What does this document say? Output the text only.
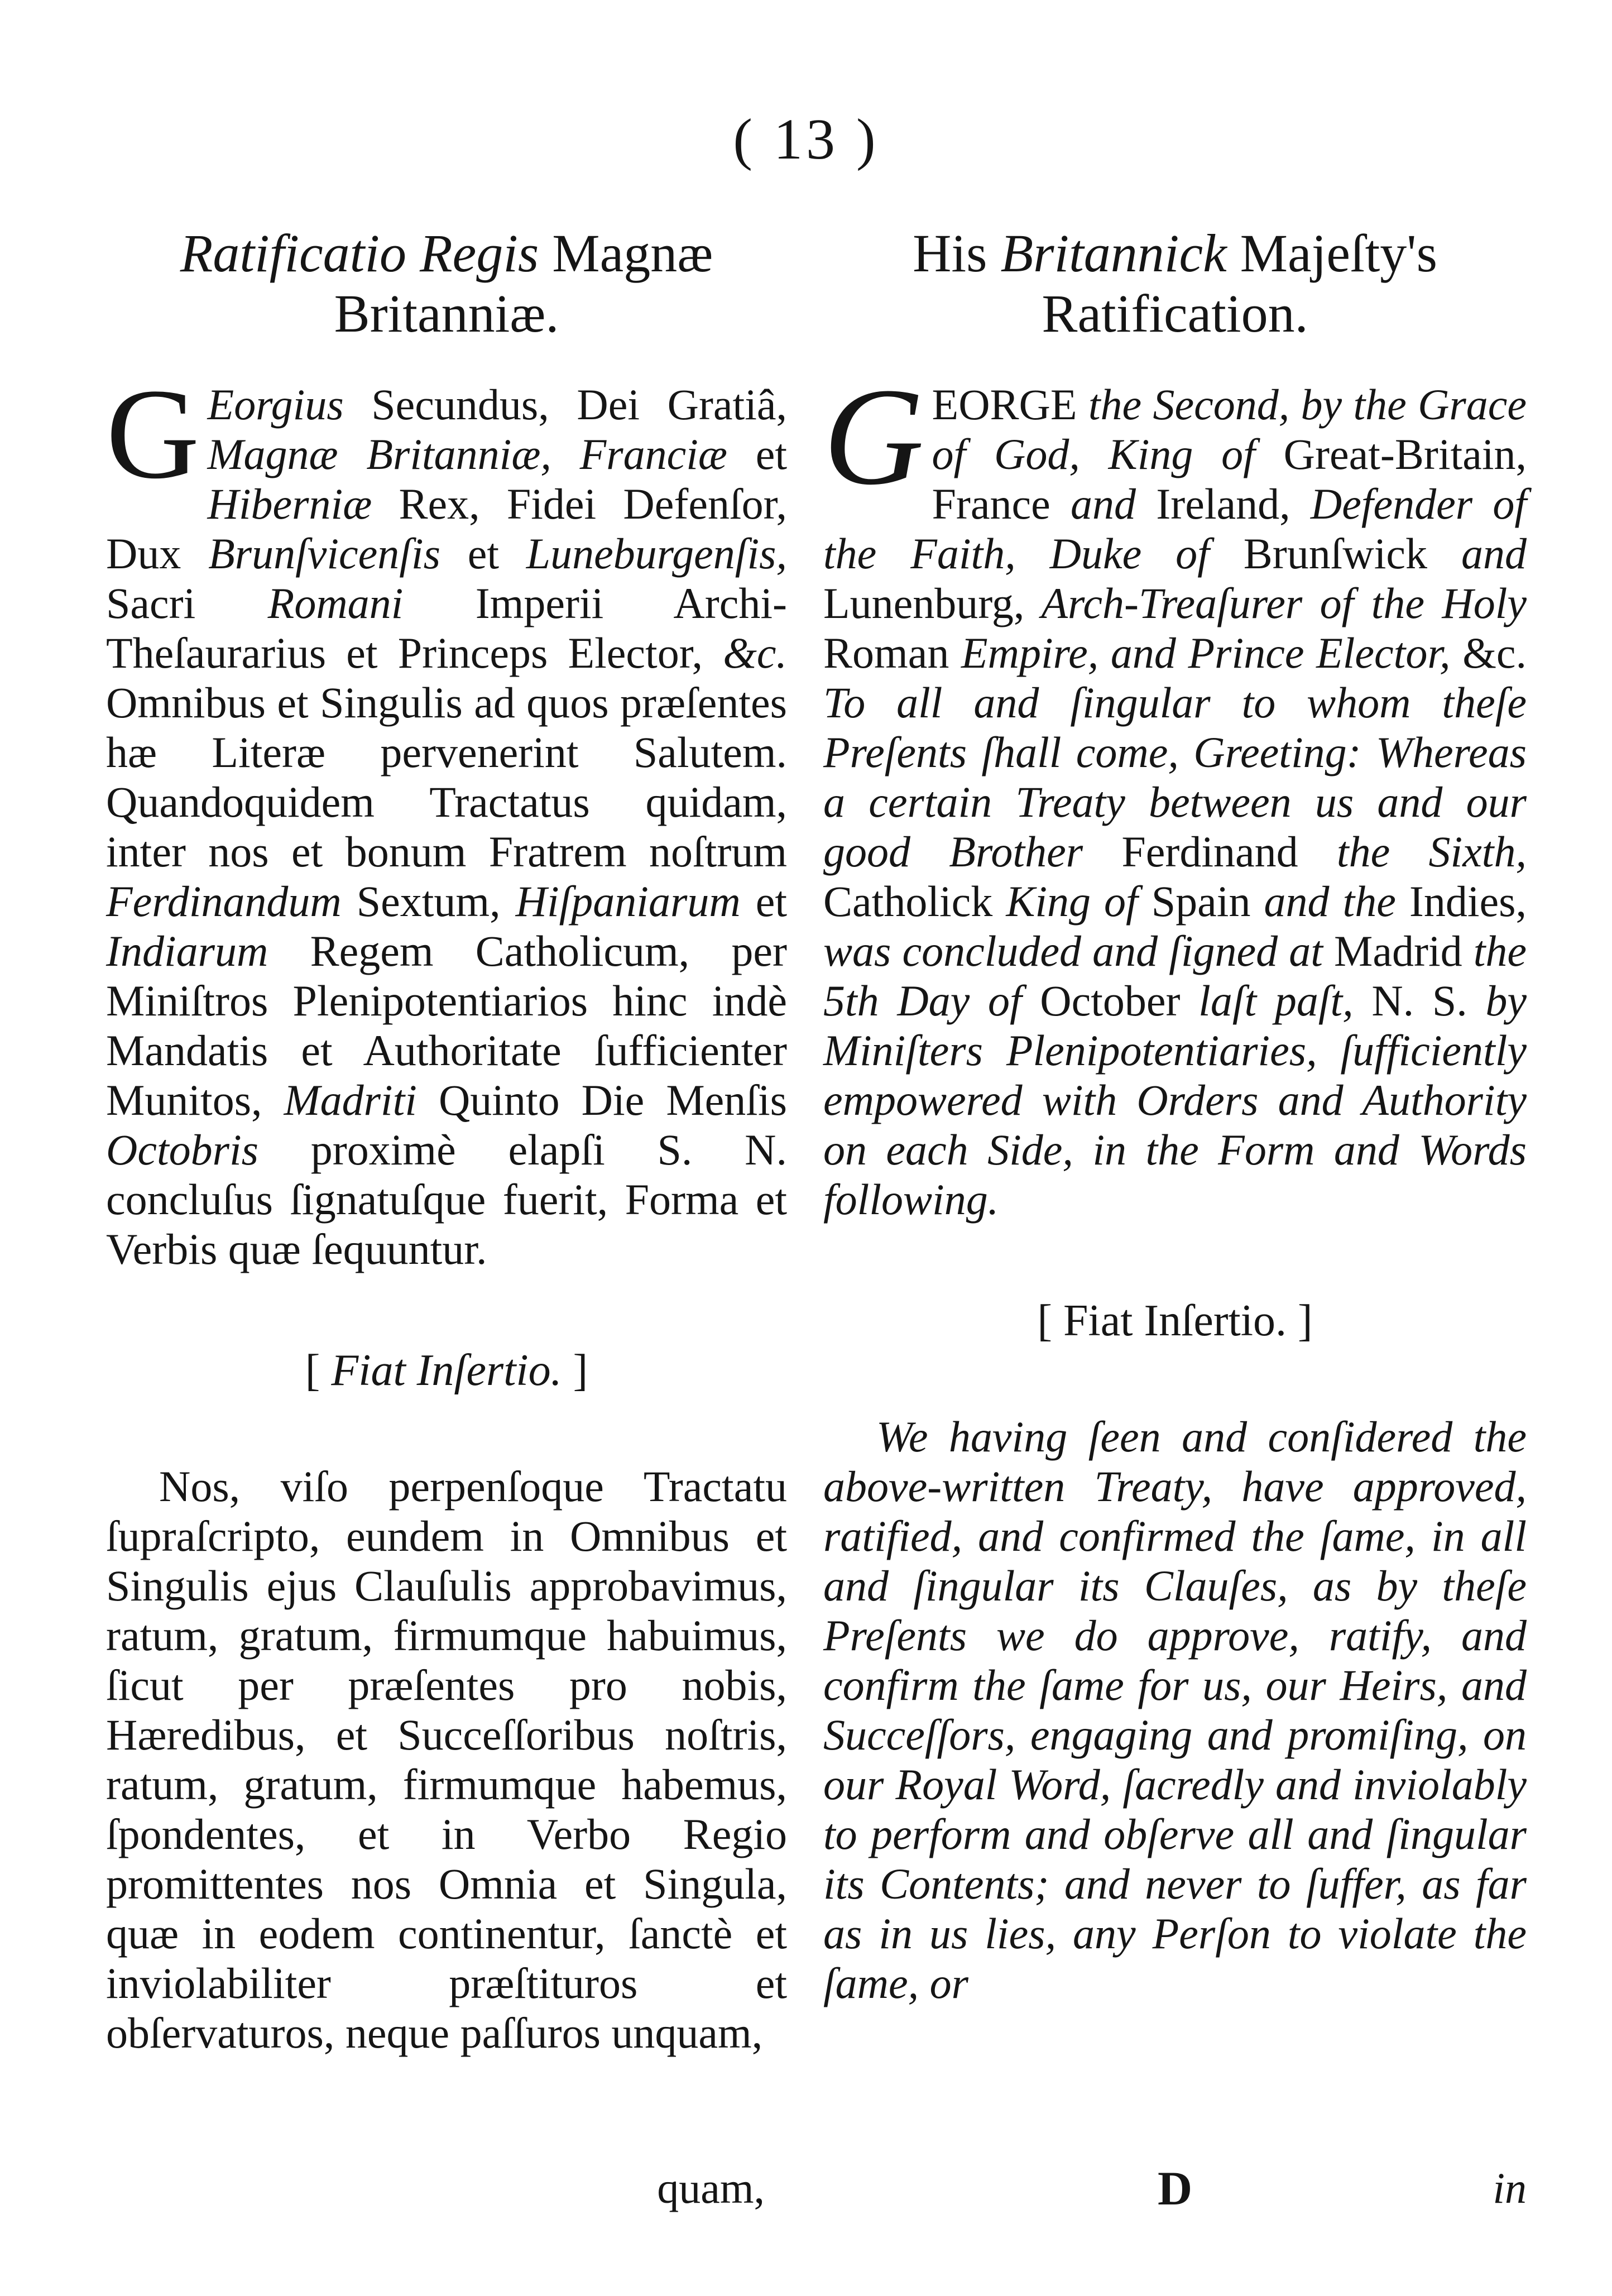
( 13 )
Ratificatio Regis Magnæ
Britanniæ.

G Eorgius Secundus, Dei Gratiâ, Magnæ Britanniæ, Franciæ et Hiberniæ Rex, Fidei Defenſor, Dux Brunſvicenſis et Luneburgenſis, Sacri Romani Imperii Archi-Theſaurarius et Princeps Elector, &c. Omnibus et Singulis ad quos præſentes hæ Literæ pervenerint Salutem. Quandoquidem Tractatus quidam, inter nos et bonum Fratrem noſtrum Ferdinandum Sextum, Hiſpaniarum et Indiarum Regem Catholicum, per Miniſtros Plenipotentiarios hinc indè Mandatis et Authoritate ſufficienter Munitos, Madriti Quinto Die Menſis Octobris proximè elapſi S. N. concluſus ſignatuſque fuerit, Forma et Verbis quæ ſequuntur.

[ Fiat Inſertio. ]

Nos, viſo perpenſoque Tractatu ſupraſcripto, eundem in Omnibus et Singulis ejus Clauſulis approbavimus, ratum, gratum, firmumque habuimus, ſicut per præſentes pro nobis, Hæredibus, et Succeſſoribus noſtris, ratum, gratum, firmumque habemus, ſpondentes, et in Verbo Regio promittentes nos Omnia et Singula, quæ in eodem continentur, ſanctè et inviolabiliter præſtituros et obſervaturos, neque paſſuros unquam,

His Britannick Majeſty's
Ratification.

GEORGE the Second, by the Grace of God, King of Great-Britain, France and Ireland, Defender of the Faith, Duke of Brunſwick and Lunenburg, Arch-Treaſurer of the Holy Roman Empire, and Prince Elector, &c. To all and ſingular to whom theſe Preſents ſhall come, Greeting: Whereas a certain Treaty between us and our good Brother Ferdinand the Sixth, Catholick King of Spain and the Indies, was concluded and ſigned at Madrid the 5th Day of October laſt paſt, N. S. by Miniſters Plenipotentiaries, ſufficiently empowered with Orders and Authority on each Side, in the Form and Words following.

[ Fiat Inſertio. ]

We having ſeen and conſidered the above-written Treaty, have approved, ratified, and confirmed the ſame, in all and ſingular its Clauſes, as by theſe Preſents we do approve, ratify, and confirm the ſame for us, our Heirs, and Succeſſors, engaging and promiſing, on our Royal Word, ſacredly and inviolably to perform and obſerve all and ſingular its Contents; and never to ſuffer, as far as in us lies, any Perſon to violate the ſame, or

quam,	D	in
